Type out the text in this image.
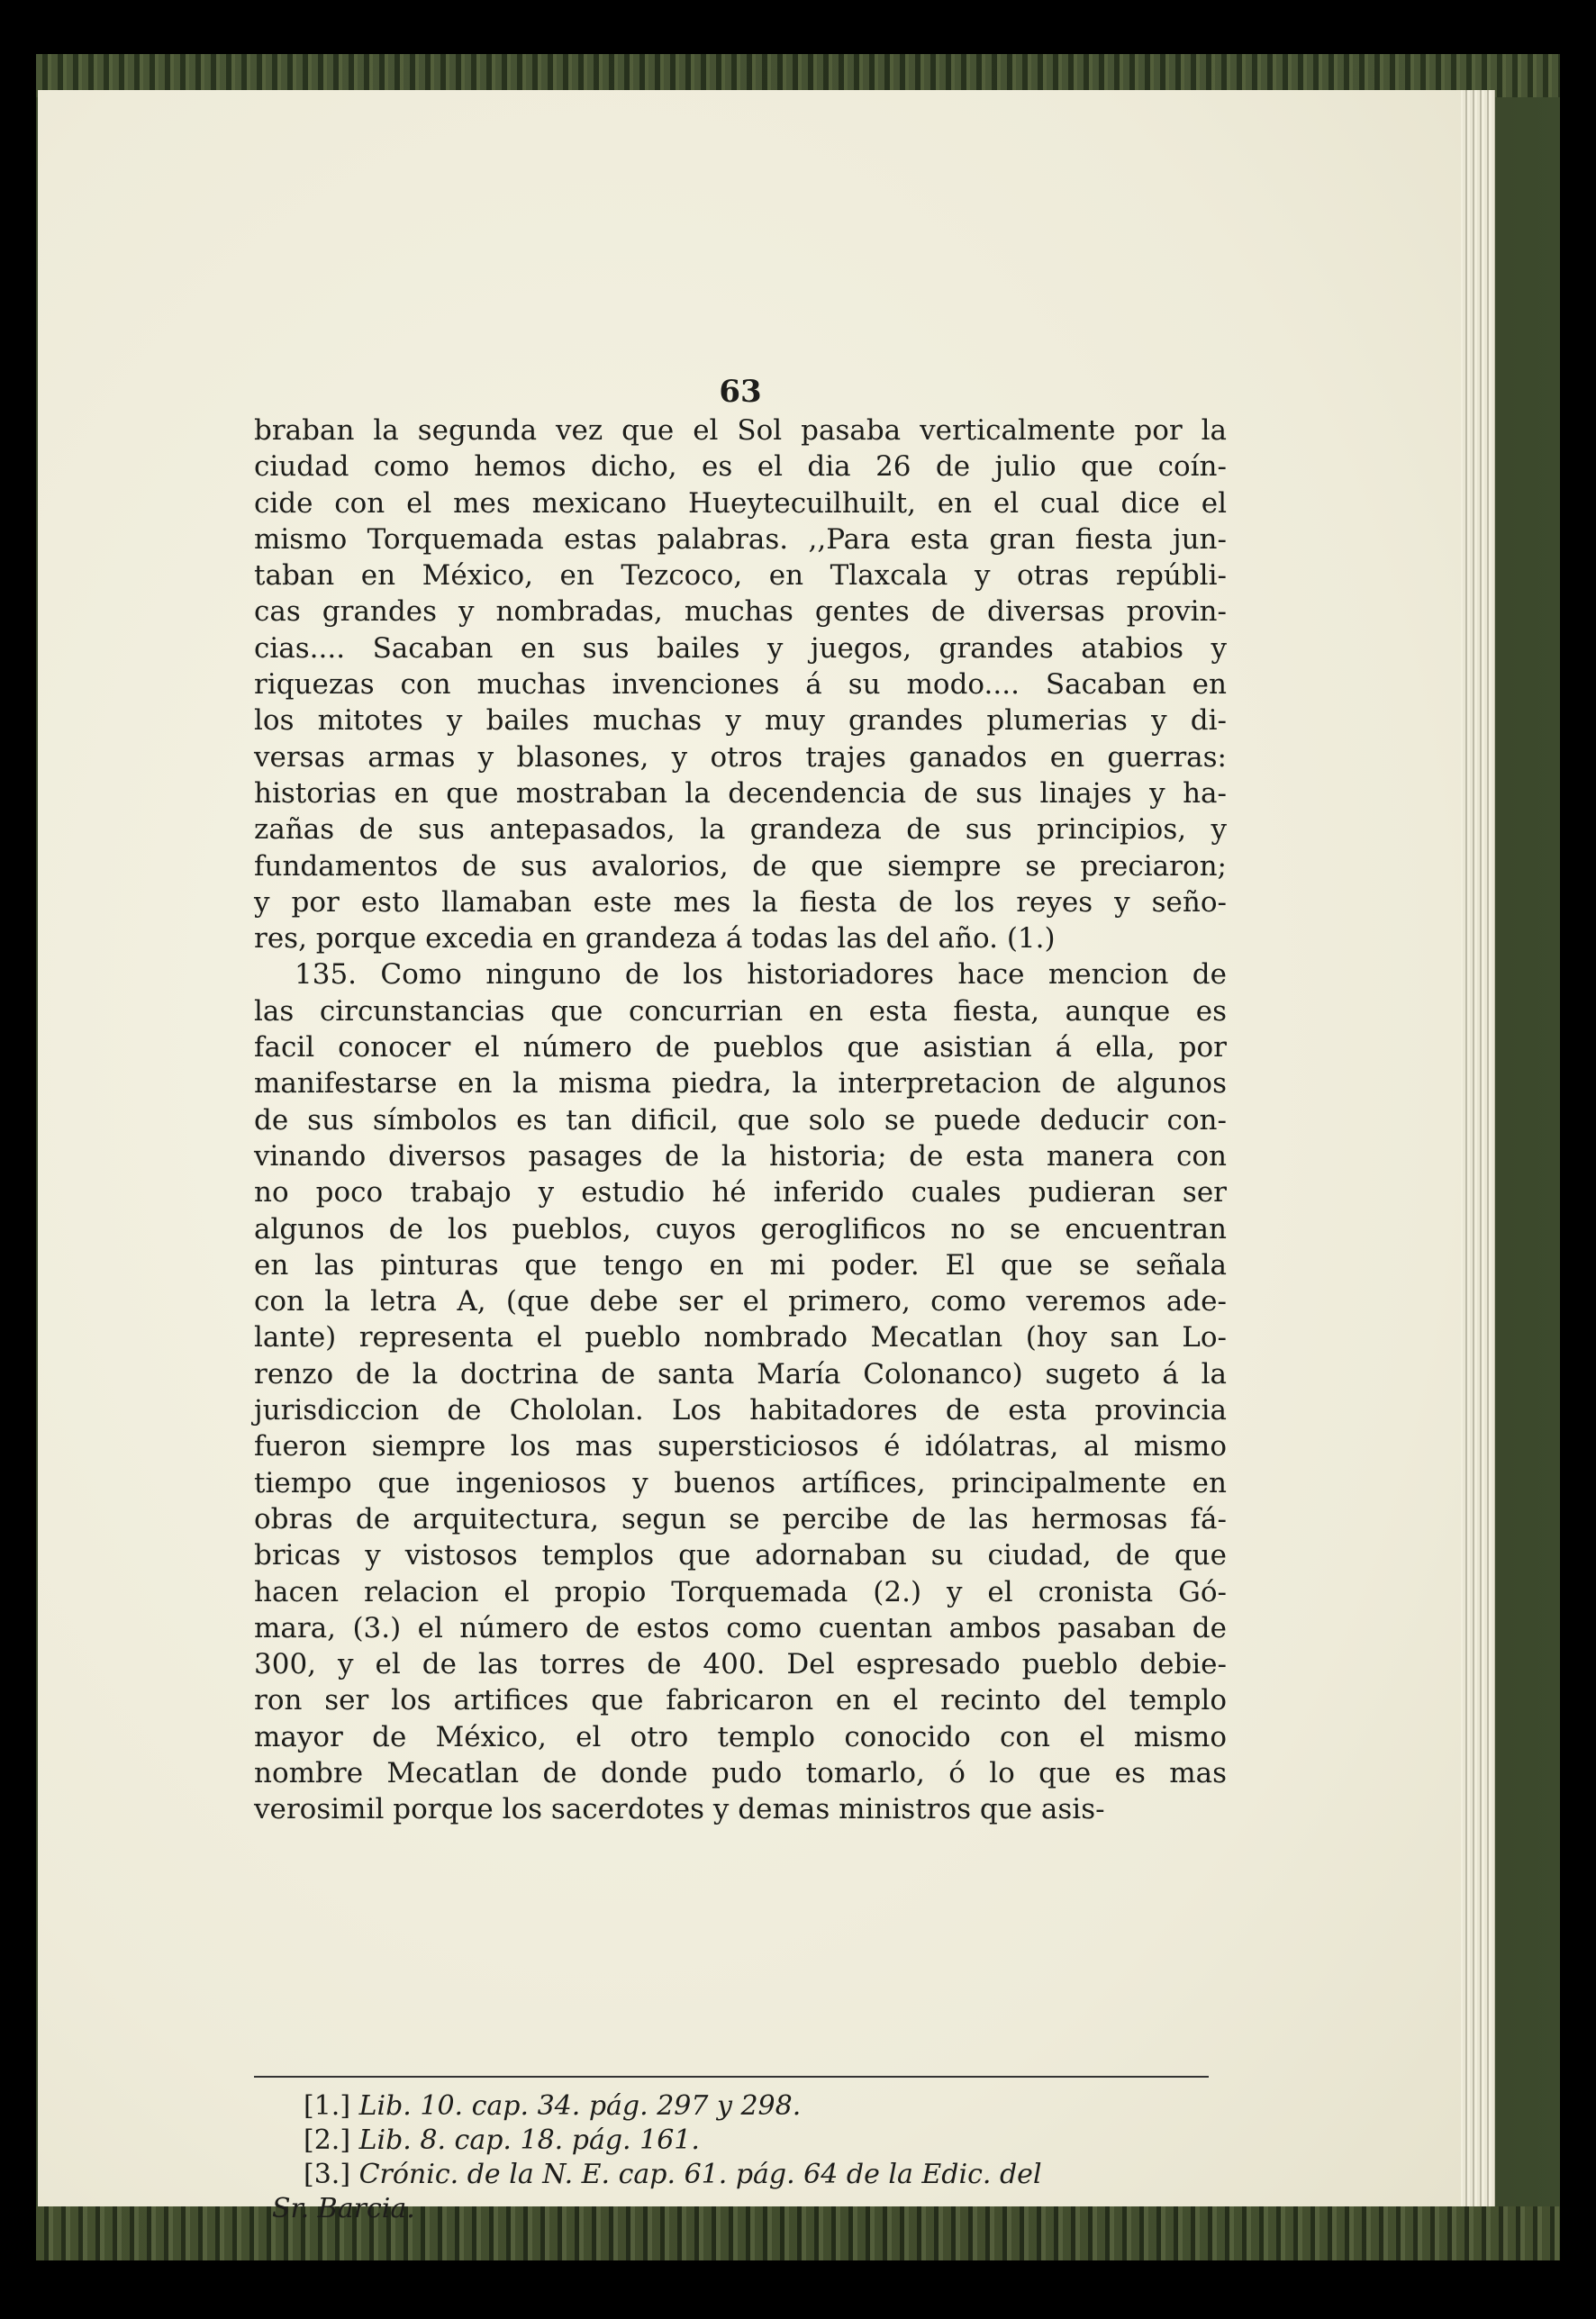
63
braban la segunda vez que el Sol pasaba verticalmente por la
ciudad como hemos dicho, es el dia 26 de julio que coín-
cide con el mes mexicano Hueytecuilhuilt, en el cual dice el
mismo Torquemada estas palabras. ,,Para esta gran fiesta jun-
taban en México, en Tezcoco, en Tlaxcala y otras repúbli-
cas grandes y nombradas, muchas gentes de diversas provin-
cias.... Sacaban en sus bailes y juegos, grandes atabios y
riquezas con muchas invenciones á su modo.... Sacaban en
los mitotes y bailes muchas y muy grandes plumerias y di-
versas armas y blasones, y otros trajes ganados en guerras:
historias en que mostraban la decendencia de sus linajes y ha-
zañas de sus antepasados, la grandeza de sus principios, y
fundamentos de sus avalorios, de que siempre se preciaron;
y por esto llamaban este mes la fiesta de los reyes y seño-
res, porque excedia en grandeza á todas las del año. (1.)
135. Como ninguno de los historiadores hace mencion de
las circunstancias que concurrian en esta fiesta, aunque es
facil conocer el número de pueblos que asistian á ella, por
manifestarse en la misma piedra, la interpretacion de algunos
de sus símbolos es tan dificil, que solo se puede deducir con-
vinando diversos pasages de la historia; de esta manera con
no poco trabajo y estudio hé inferido cuales pudieran ser
algunos de los pueblos, cuyos geroglificos no se encuentran
en las pinturas que tengo en mi poder. El que se señala
con la letra A, (que debe ser el primero, como veremos ade-
lante) representa el pueblo nombrado Mecatlan (hoy san Lo-
renzo de la doctrina de santa María Colonanco) sugeto á la
jurisdiccion de Chololan. Los habitadores de esta provincia
fueron siempre los mas supersticiosos é idólatras, al mismo
tiempo que ingeniosos y buenos artífices, principalmente en
obras de arquitectura, segun se percibe de las hermosas fá-
bricas y vistosos templos que adornaban su ciudad, de que
hacen relacion el propio Torquemada (2.) y el cronista Gó-
mara, (3.) el número de estos como cuentan ambos pasaban de
300, y el de las torres de 400. Del espresado pueblo debie-
ron ser los artifices que fabricaron en el recinto del templo
mayor de México, el otro templo conocido con el mismo
nombre Mecatlan de donde pudo tomarlo, ó lo que es mas
verosimil porque los sacerdotes y demas ministros que asis-
[1.] Lib. 10. cap. 34. pág. 297 y 298.
[2.] Lib. 8. cap. 18. pág. 161.
[3.] Crónic. de la N. E. cap. 61. pág. 64 de la Edic. del
Sr. Barcia.
